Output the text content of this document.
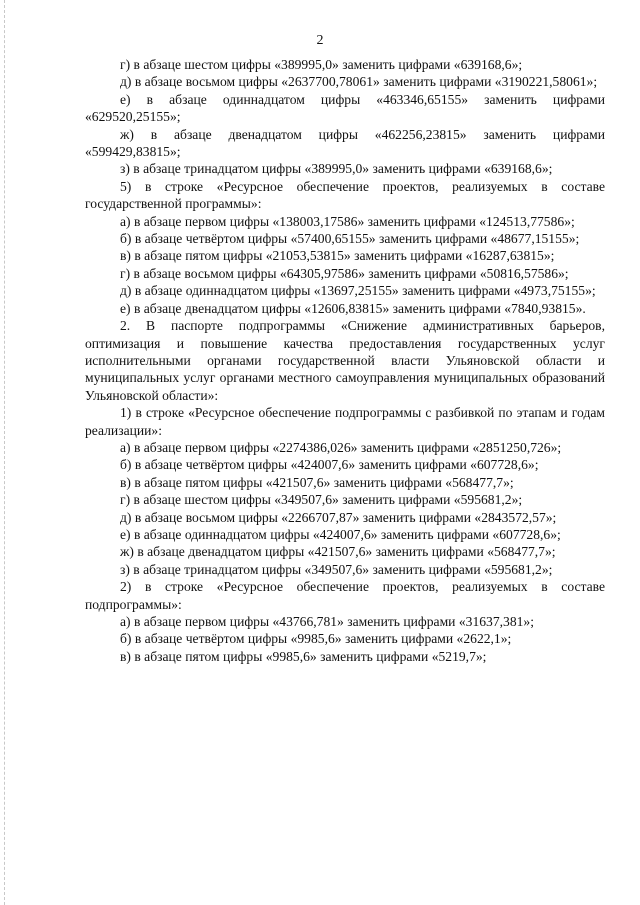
2

г) в абзаце шестом цифры «389995,0» заменить цифрами «639168,6»;

д) в абзаце восьмом цифры «2637700,78061» заменить цифрами «3190221,58061»;

е) в абзаце одиннадцатом цифры «463346,65155» заменить цифрами «629520,25155»;

ж) в абзаце двенадцатом цифры «462256,23815» заменить цифрами «599429,83815»;

з) в абзаце тринадцатом цифры «389995,0» заменить цифрами «639168,6»;

5) в строке «Ресурсное обеспечение проектов, реализуемых в составе государственной программы»:

а) в абзаце первом цифры «138003,17586» заменить цифрами «124513,77586»;

б) в абзаце четвёртом цифры «57400,65155» заменить цифрами «48677,15155»;

в) в абзаце пятом цифры «21053,53815» заменить цифрами «16287,63815»;

г) в абзаце восьмом цифры «64305,97586» заменить цифрами «50816,57586»;

д) в абзаце одиннадцатом цифры «13697,25155» заменить цифрами «4973,75155»;

е) в абзаце двенадцатом цифры «12606,83815» заменить цифрами «7840,93815».

2. В паспорте подпрограммы «Снижение административных барьеров, оптимизация и повышение качества предоставления государственных услуг исполнительными органами государственной власти Ульяновской области и муниципальных услуг органами местного самоуправления муниципальных образований Ульяновской области»:

1) в строке «Ресурсное обеспечение подпрограммы с разбивкой по этапам и годам реализации»:

а) в абзаце первом цифры «2274386,026» заменить цифрами «2851250,726»;

б) в абзаце четвёртом цифры «424007,6» заменить цифрами «607728,6»;

в) в абзаце пятом цифры «421507,6» заменить цифрами «568477,7»;

г) в абзаце шестом цифры «349507,6» заменить цифрами «595681,2»;

д) в абзаце восьмом цифры «2266707,87» заменить цифрами «2843572,57»;

е) в абзаце одиннадцатом цифры «424007,6» заменить цифрами «607728,6»;

ж) в абзаце двенадцатом цифры «421507,6» заменить цифрами «568477,7»;

з) в абзаце тринадцатом цифры «349507,6» заменить цифрами «595681,2»;

2) в строке «Ресурсное обеспечение проектов, реализуемых в составе подпрограммы»:

а) в абзаце первом цифры «43766,781» заменить цифрами «31637,381»;

б) в абзаце четвёртом цифры «9985,6» заменить цифрами «2622,1»;

в) в абзаце пятом цифры «9985,6» заменить цифрами «5219,7»;
